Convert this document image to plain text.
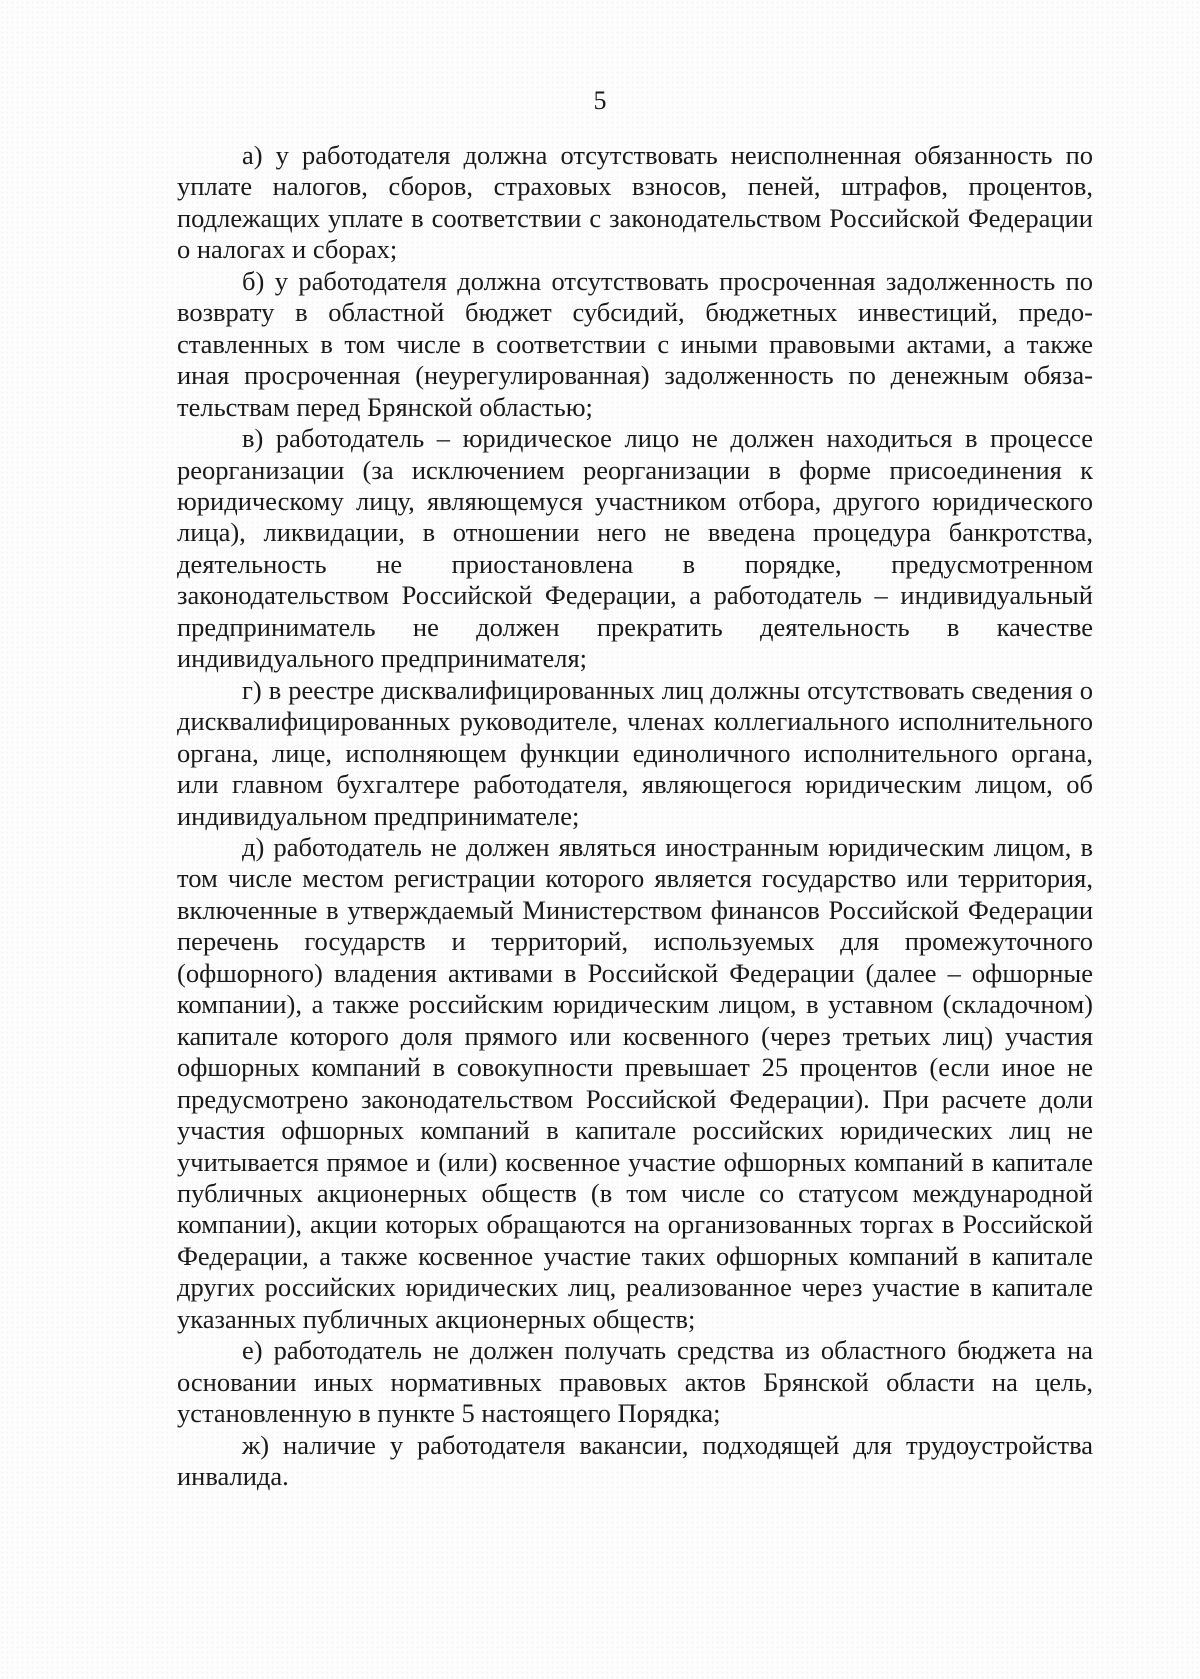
5

а) у работодателя должна отсутствовать неисполненная обязанность по уплате налогов, сборов, страховых взносов, пеней, штрафов, процентов, подлежащих уплате в соответствии с законодательством Российской Федерации о налогах и сборах;

б) у работодателя должна отсутствовать просроченная задолженность по возврату в областной бюджет субсидий, бюджетных инвестиций, предоставленных в том числе в соответствии с иными правовыми актами, а также иная просроченная (неурегулированная) задолженность по денежным обязательствам перед Брянской областью;

в) работодатель – юридическое лицо не должен находиться в процессе реорганизации (за исключением реорганизации в форме присоединения к юридическому лицу, являющемуся участником отбора, другого юридического лица), ликвидации, в отношении него не введена процедура банкротства, деятельность не приостановлена в порядке, предусмотренном законодательством Российской Федерации, а работодатель – индивидуальный предприниматель не должен прекратить деятельность в качестве индивидуального предпринимателя;

г) в реестре дисквалифицированных лиц должны отсутствовать сведения о дисквалифицированных руководителе, членах коллегиального исполнительного органа, лице, исполняющем функции единоличного исполнительного органа, или главном бухгалтере работодателя, являющегося юридическим лицом, об индивидуальном предпринимателе;

д) работодатель не должен являться иностранным юридическим лицом, в том числе местом регистрации которого является государство или территория, включенные в утверждаемый Министерством финансов Российской Федерации перечень государств и территорий, используемых для промежуточного (офшорного) владения активами в Российской Федерации (далее – офшорные компании), а также российским юридическим лицом, в уставном (складочном) капитале которого доля прямого или косвенного (через третьих лиц) участия офшорных компаний в совокупности превышает 25 процентов (если иное не предусмотрено законодательством Российской Федерации). При расчете доли участия офшорных компаний в капитале российских юридических лиц не учитывается прямое и (или) косвенное участие офшорных компаний в капитале публичных акционерных обществ (в том числе со статусом международной компании), акции которых обращаются на организованных торгах в Российской Федерации, а также косвенное участие таких офшорных компаний в капитале других российских юридических лиц, реализованное через участие в капитале указанных публичных акционерных обществ;

е) работодатель не должен получать средства из областного бюджета на основании иных нормативных правовых актов Брянской области на цель, установленную в пункте 5 настоящего Порядка;

ж) наличие у работодателя вакансии, подходящей для трудоустройства инвалида.
